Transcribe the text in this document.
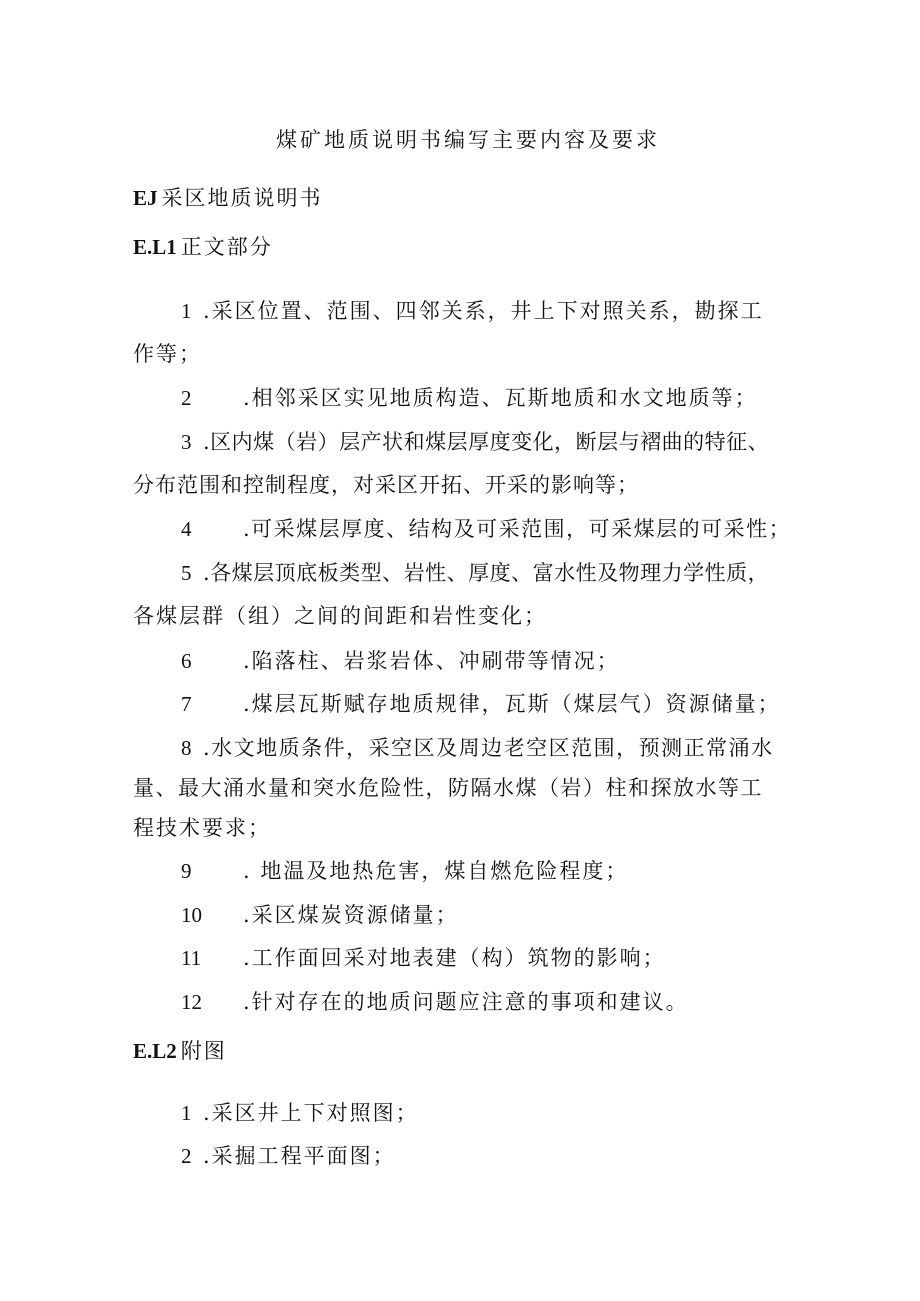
煤矿地质说明书编写主要内容及要求
EJ 采区地质说明书
E.L1 正文部分
1 .采区位置、范围、四邻关系，井上下对照关系，勘探工
作等；
2 .相邻采区实见地质构造、瓦斯地质和水文地质等；
3 .区内煤（岩）层产状和煤层厚度变化，断层与褶曲的特征、
分布范围和控制程度，对采区开拓、开采的影响等；
4 .可采煤层厚度、结构及可采范围，可采煤层的可采性；
5 .各煤层顶底板类型、岩性、厚度、富水性及物理力学性质，
各煤层群（组）之间的间距和岩性变化；
6 .陷落柱、岩浆岩体、冲刷带等情况；
7 .煤层瓦斯赋存地质规律，瓦斯（煤层气）资源储量；
8 .水文地质条件，采空区及周边老空区范围，预测正常涌水
量、最大涌水量和突水危险性，防隔水煤（岩）柱和探放水等工
程技术要求；
9 . 地温及地热危害，煤自燃危险程度；
10 .采区煤炭资源储量；
11 .工作面回采对地表建（构）筑物的影响；
12 .针对存在的地质问题应注意的事项和建议。
E.L2 附图
1 .采区井上下对照图；
2 .采掘工程平面图；
